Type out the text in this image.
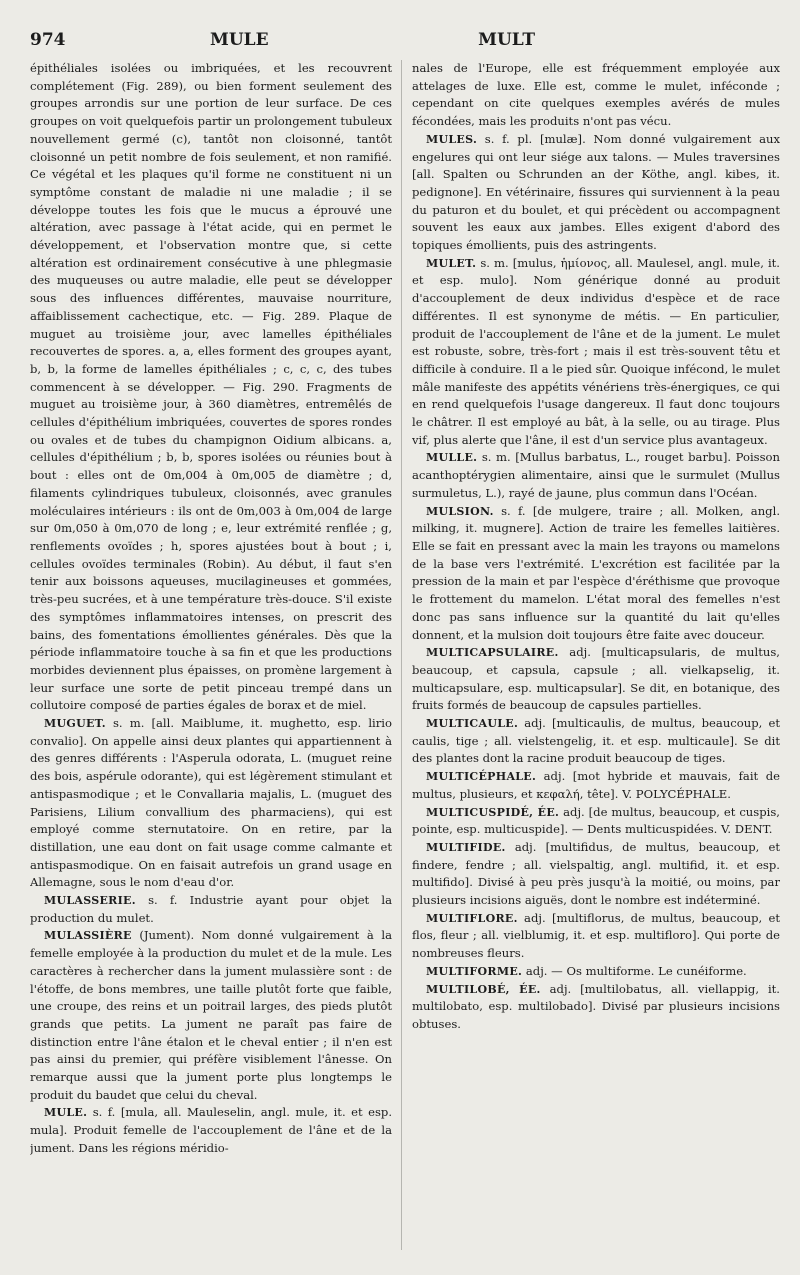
974	MULE	MULT

épithéliales isolées ou imbriquées, et les recouvrent complétement (Fig. 289), ou bien forment seulement des groupes arrondis sur une portion de leur surface. De ces groupes on voit quelquefois partir un prolongement tubuleux nouvellement germé (c), tantôt non cloisonné, tantôt cloisonné un petit nombre de fois seulement, et non ramifié. Ce végétal et les plaques qu'il forme ne constituent ni un symptôme constant de maladie ni une maladie ; il se développe toutes les fois que le mucus a éprouvé une altération, avec passage à l'état acide, qui en permet le développement, et l'observation montre que, si cette altération est ordinairement consécutive à une phlegmasie des muqueuses ou autre maladie, elle peut se développer sous des influences différentes, mauvaise nourriture, affaiblissement cachectique, etc. — Fig. 289. Plaque de muguet au troisième jour, avec lamelles épithéliales recouvertes de spores. a, a, elles forment des groupes ayant, b, b, la forme de lamelles épithéliales ; c, c, c, des tubes commencent à se développer. — Fig. 290. Fragments de muguet au troisième jour, à 360 diamètres, entremêlés de cellules d'épithélium imbriquées, couvertes de spores rondes ou ovales et de tubes du champignon Oidium albicans. a, cellules d'épithélium ; b, b, spores isolées ou réunies bout à bout : elles ont de 0m,004 à 0m,005 de diamètre ; d, filaments cylindriques tubuleux, cloisonnés, avec granules moléculaires intérieurs : ils ont de 0m,003 à 0m,004 de large sur 0m,050 à 0m,070 de long ; e, leur extrémité renflée ; g, renflements ovoïdes ; h, spores ajustées bout à bout ; i, cellules ovoïdes terminales (Robin). Au début, il faut s'en tenir aux boissons aqueuses, mucilagineuses et gommées, très-peu sucrées, et à une température très-douce. S'il existe des symptômes inflammatoires intenses, on prescrit des bains, des fomentations émollientes générales. Dès que la période inflammatoire touche à sa fin et que les productions morbides deviennent plus épaisses, on promène largement à leur surface une sorte de petit pinceau trempé dans un collutoire composé de parties égales de borax et de miel.

MUGUET. s. m. [all. Maiblume, it. mughetto, esp. lirio convalio]. On appelle ainsi deux plantes qui appartiennent à des genres différents : l'Asperula odorata, L. (muguet reine des bois, aspérule odorante), qui est légèrement stimulant et antispasmodique ; et le Convallaria majalis, L. (muguet des Parisiens, Lilium convallium des pharmaciens), qui est employé comme sternutatoire. On en retire, par la distillation, une eau dont on fait usage comme calmante et antispasmodique. On en faisait autrefois un grand usage en Allemagne, sous le nom d'eau d'or.

MULASSERIE. s. f. Industrie ayant pour objet la production du mulet.

MULASSIÈRE (Jument). Nom donné vulgairement à la femelle employée à la production du mulet et de la mule. Les caractères à rechercher dans la jument mulassière sont : de l'étoffe, de bons membres, une taille plutôt forte que faible, une croupe, des reins et un poitrail larges, des pieds plutôt grands que petits. La jument ne paraît pas faire de distinction entre l'âne étalon et le cheval entier ; il n'en est pas ainsi du premier, qui préfère visiblement l'ânesse. On remarque aussi que la jument porte plus longtemps le produit du baudet que celui du cheval.

MULE. s. f. [mula, all. Mauleselin, angl. mule, it. et esp. mula]. Produit femelle de l'accouplement de l'âne et de la jument. Dans les régions méridio-

nales de l'Europe, elle est fréquemment employée aux attelages de luxe. Elle est, comme le mulet, inféconde ; cependant on cite quelques exemples avérés de mules fécondées, mais les produits n'ont pas vécu.

MULES. s. f. pl. [mulæ]. Nom donné vulgairement aux engelures qui ont leur siége aux talons. — Mules traversines [all. Spalten ou Schrunden an der Köthe, angl. kibes, it. pedignone]. En vétérinaire, fissures qui surviennent à la peau du paturon et du boulet, et qui précèdent ou accompagnent souvent les eaux aux jambes. Elles exigent d'abord des topiques émollients, puis des astringents.

MULET. s. m. [mulus, ἡμίονος, all. Maulesel, angl. mule, it. et esp. mulo]. Nom générique donné au produit d'accouplement de deux individus d'espèce et de race différentes. Il est synonyme de métis. — En particulier, produit de l'accouplement de l'âne et de la jument. Le mulet est robuste, sobre, très-fort ; mais il est très-souvent têtu et difficile à conduire. Il a le pied sûr. Quoique infécond, le mulet mâle manifeste des appétits vénériens très-énergiques, ce qui en rend quelquefois l'usage dangereux. Il faut donc toujours le châtrer. Il est employé au bât, à la selle, ou au tirage. Plus vif, plus alerte que l'âne, il est d'un service plus avantageux.

MULLE. s. m. [Mullus barbatus, L., rouget barbu]. Poisson acanthoptérygien alimentaire, ainsi que le surmulet (Mullus surmuletus, L.), rayé de jaune, plus commun dans l'Océan.

MULSION. s. f. [de mulgere, traire ; all. Molken, angl. milking, it. mugnere]. Action de traire les femelles laitières. Elle se fait en pressant avec la main les trayons ou mamelons de la base vers l'extrémité. L'excrétion est facilitée par la pression de la main et par l'espèce d'éréthisme que provoque le frottement du mamelon. L'état moral des femelles n'est donc pas sans influence sur la quantité du lait qu'elles donnent, et la mulsion doit toujours être faite avec douceur.

MULTICAPSULAIRE. adj. [multicapsularis, de multus, beaucoup, et capsula, capsule ; all. vielkapselig, it. multicapsulare, esp. multicapsular]. Se dit, en botanique, des fruits formés de beaucoup de capsules partielles.

MULTICAULE. adj. [multicaulis, de multus, beaucoup, et caulis, tige ; all. vielstengelig, it. et esp. multicaule]. Se dit des plantes dont la racine produit beaucoup de tiges.

MULTICÉPHALE. adj. [mot hybride et mauvais, fait de multus, plusieurs, et κεφαλή, tête]. V. POLYCÉPHALE.

MULTICUSPIDÉ, ÉE. adj. [de multus, beaucoup, et cuspis, pointe, esp. multicuspide]. — Dents multicuspidées. V. DENT.

MULTIFIDE. adj. [multifidus, de multus, beaucoup, et findere, fendre ; all. vielspaltig, angl. multifid, it. et esp. multifido]. Divisé à peu près jusqu'à la moitié, ou moins, par plusieurs incisions aiguës, dont le nombre est indéterminé.

MULTIFLORE. adj. [multiflorus, de multus, beaucoup, et flos, fleur ; all. vielblumig, it. et esp. multifloro]. Qui porte de nombreuses fleurs.

MULTIFORME. adj. — Os multiforme. Le cunéiforme.

MULTILOBÉ, ÉE. adj. [multilobatus, all. viellappig, it. multilobato, esp. multilobado]. Divisé par plusieurs incisions obtuses.
